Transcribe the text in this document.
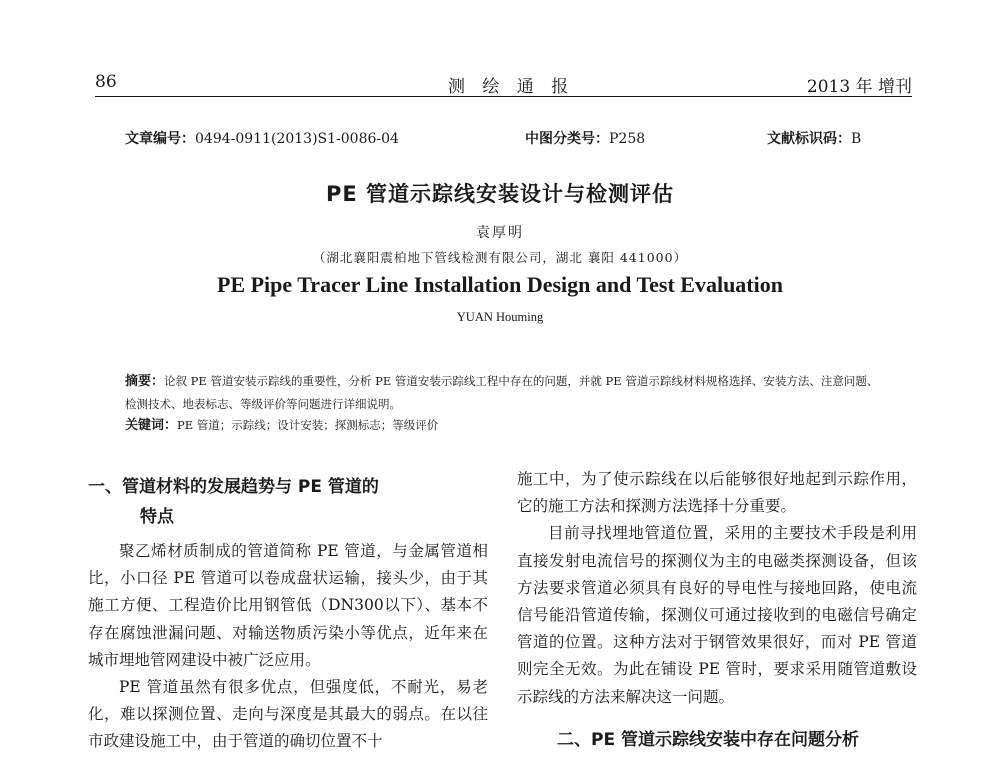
86	测 绘 通 报	2013 年 增刊
文章编号：0494-0911(2013)S1-0086-04	中图分类号：P258	文献标识码：B
PE 管道示踪线安装设计与检测评估
袁厚明
（湖北襄阳震柏地下管线检测有限公司，湖北 襄阳 441000）
PE Pipe Tracer Line Installation Design and Test Evaluation
YUAN Houming
摘要：论叙 PE 管道安装示踪线的重要性，分析 PE 管道安装示踪线工程中存在的问题，并就 PE 管道示踪线材料规格选择、安装方法、注意问题、检测技术、地表标志、等级评价等问题进行详细说明。
关键词：PE 管道；示踪线；设计安装；探测标志；等级评价
一、管道材料的发展趋势与 PE 管道的
特点

聚乙烯材质制成的管道简称 PE 管道，与金属管道相比，小口径 PE 管道可以卷成盘状运输，接头少，由于其施工方便、工程造价比用钢管低（DN300以下）、基本不存在腐蚀泄漏问题、对输送物质污染小等优点，近年来在城市埋地管网建设中被广泛应用。

PE 管道虽然有很多优点，但强度低，不耐光，易老化，难以探测位置、走向与深度是其最大的弱点。在以往市政建设施工中，由于管道的确切位置不十

施工中，为了使示踪线在以后能够很好地起到示踪作用，它的施工方法和探测方法选择十分重要。

目前寻找埋地管道位置，采用的主要技术手段是利用直接发射电流信号的探测仪为主的电磁类探测设备，但该方法要求管道必须具有良好的导电性与接地回路，使电流信号能沿管道传输，探测仪可通过接收到的电磁信号确定管道的位置。这种方法对于钢管效果很好，而对 PE 管道则完全无效。为此在铺设 PE 管时，要求采用随管道敷设示踪线的方法来解决这一问题。

二、PE 管道示踪线安装中存在问题分析
